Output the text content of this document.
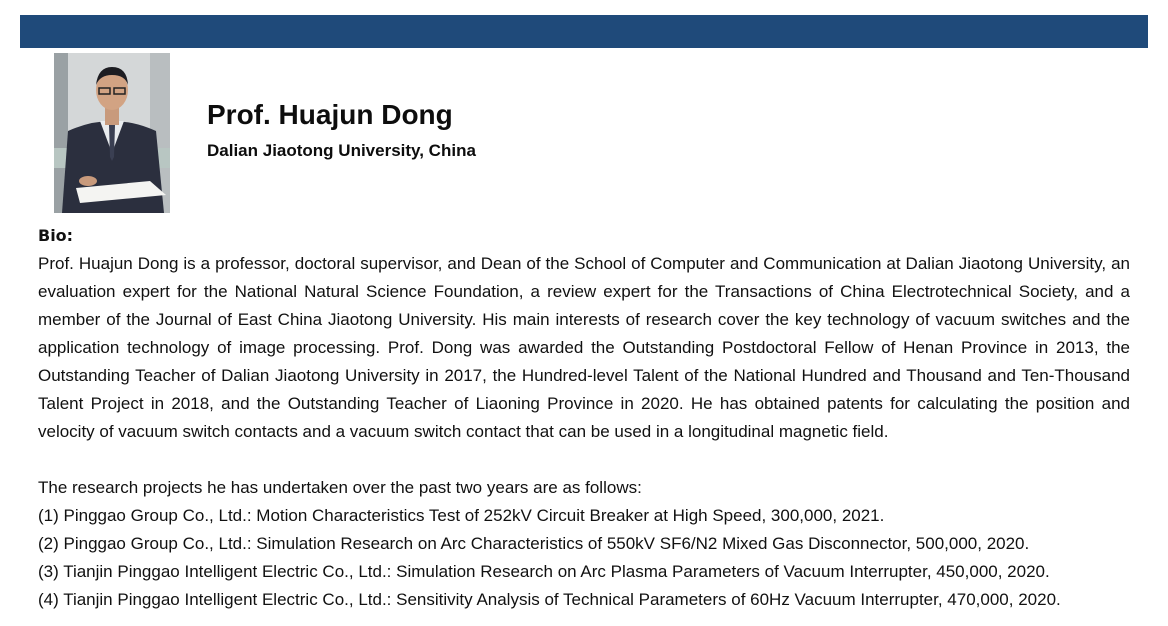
Prof. Huajun Dong
Dalian Jiaotong University, China
Bio:

Prof. Huajun Dong is a professor, doctoral supervisor, and Dean of the School of Computer and Communication at Dalian Jiaotong University, an evaluation expert for the National Natural Science Foundation, a review expert for the Transactions of China Electrotechnical Society, and a member of the Journal of East China Jiaotong University. His main interests of research cover the key technology of vacuum switches and the application technology of image processing. Prof. Dong was awarded the Outstanding Postdoctoral Fellow of Henan Province in 2013, the Outstanding Teacher of Dalian Jiaotong University in 2017, the Hundred-level Talent of the National Hundred and Thousand and Ten-Thousand Talent Project in 2018, and the Outstanding Teacher of Liaoning Province in 2020. He has obtained patents for calculating the position and velocity of vacuum switch contacts and a vacuum switch contact that can be used in a longitudinal magnetic field.

The research projects he has undertaken over the past two years are as follows:
(1) Pinggao Group Co., Ltd.: Motion Characteristics Test of 252kV Circuit Breaker at High Speed, 300,000, 2021.
(2) Pinggao Group Co., Ltd.: Simulation Research on Arc Characteristics of 550kV SF6/N2 Mixed Gas Disconnector, 500,000, 2020.
(3) Tianjin Pinggao Intelligent Electric Co., Ltd.: Simulation Research on Arc Plasma Parameters of Vacuum Interrupter, 450,000, 2020.
(4) Tianjin Pinggao Intelligent Electric Co., Ltd.: Sensitivity Analysis of Technical Parameters of 60Hz Vacuum Interrupter, 470,000, 2020.
